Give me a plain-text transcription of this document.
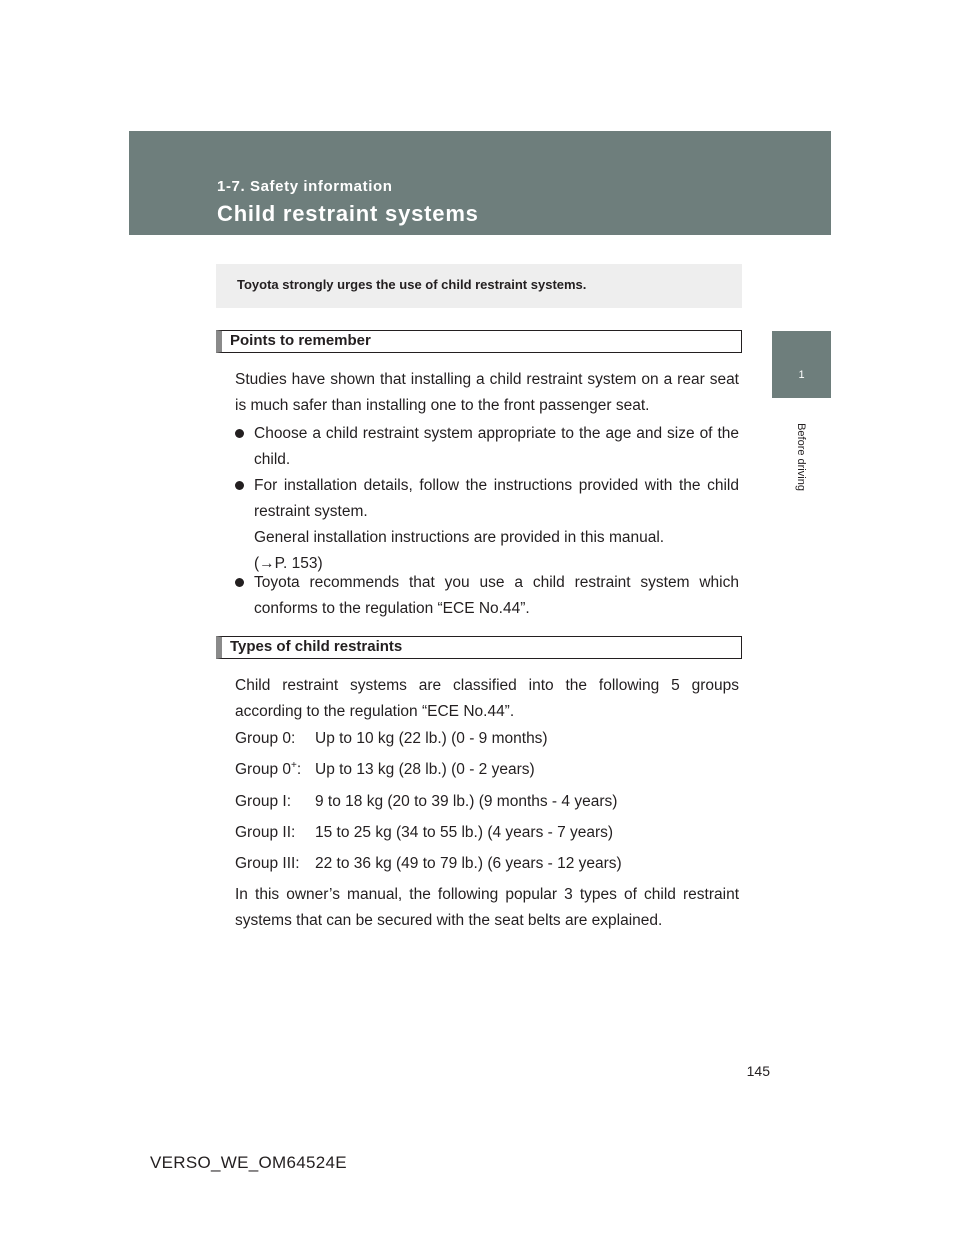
1-7. Safety information
Child restraint systems
1
Before driving
Toyota strongly urges the use of child restraint systems.
Points to remember

Studies have shown that installing a child restraint system on a rear seat is much safer than installing one to the front passenger seat.

Choose a child restraint system appropriate to the age and size of the child.
For installation details, follow the instructions provided with the child restraint system.
General installation instructions are provided in this manual.
(→P. 153)
Toyota recommends that you use a child restraint system which conforms to the regulation “ECE No.44”.
Types of child restraints

Child restraint systems are classified into the following 5 groups according to the regulation “ECE No.44”.

Group 0: Up to 10 kg (22 lb.) (0 - 9 months)
Group 0+: Up to 13 kg (28 lb.) (0 - 2 years)
Group I: 9 to 18 kg (20 to 39 lb.) (9 months - 4 years)
Group II: 15 to 25 kg (34 to 55 lb.) (4 years - 7 years)
Group III: 22 to 36 kg (49 to 79 lb.) (6 years - 12 years)

In this owner’s manual, the following popular 3 types of child restraint systems that can be secured with the seat belts are explained.

145
VERSO_WE_OM64524E
